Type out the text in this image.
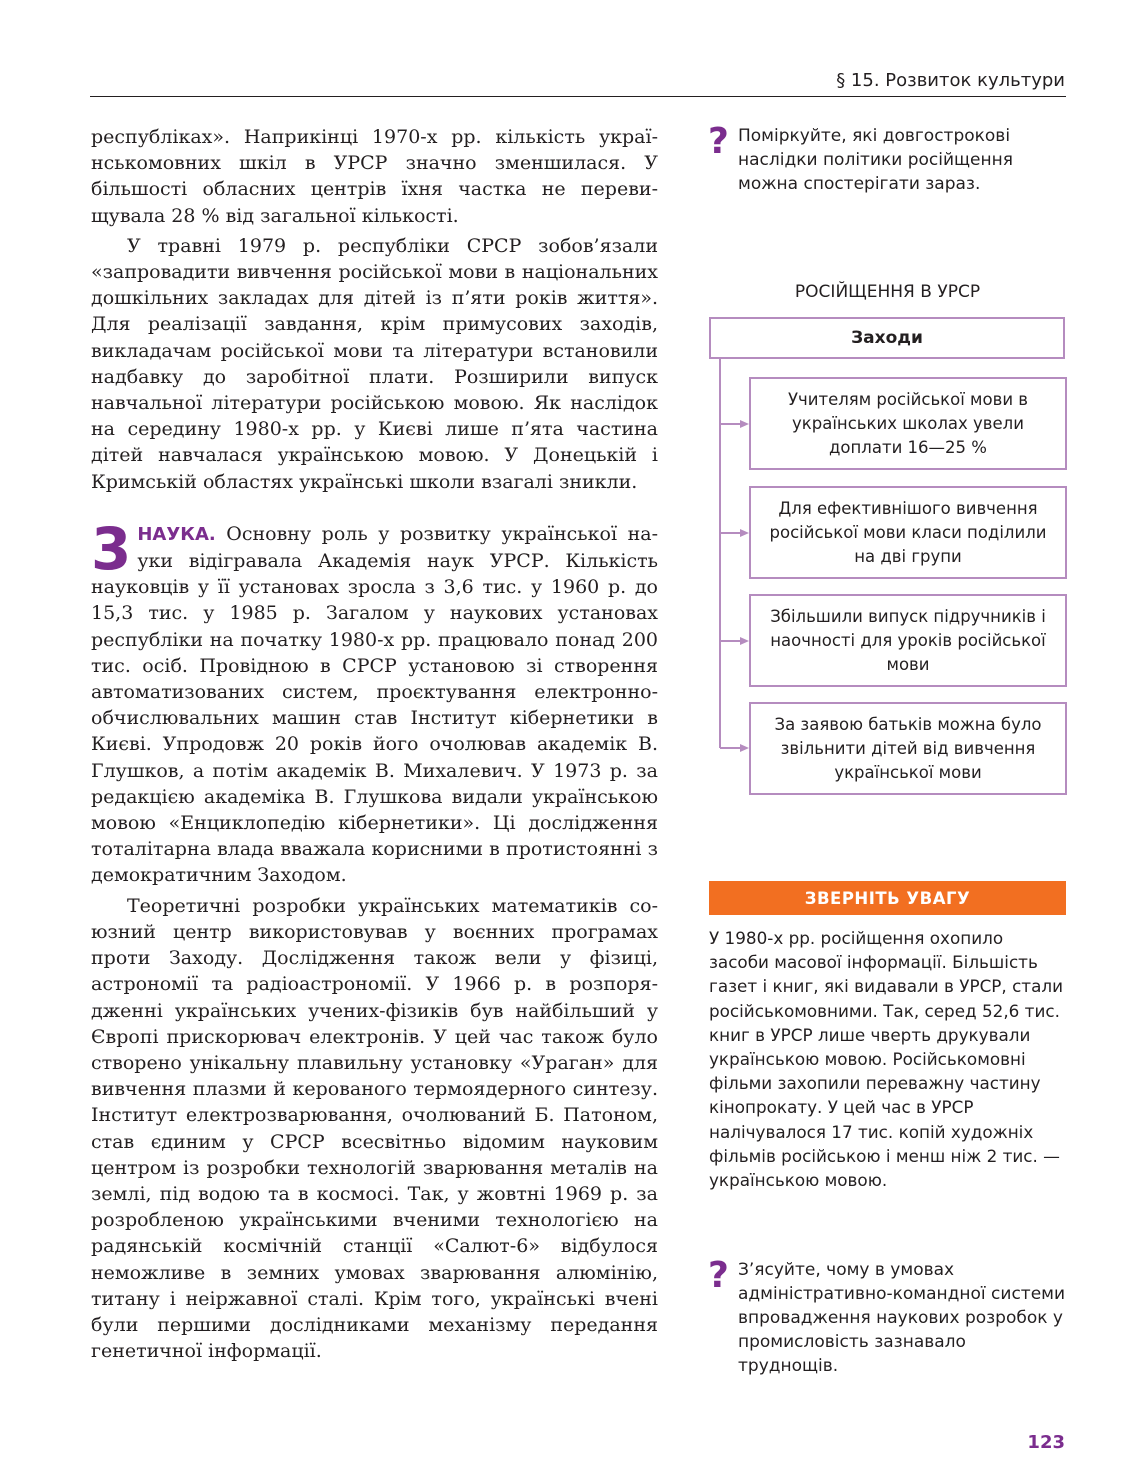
§ 15. Розвиток культури

республіках». Наприкінці 1970-х рр. кількість українськомовних шкіл в УРСР значно зменшилася. У більшості обласних центрів їхня частка не перевищувала 28 % від загальної кількості.

У травні 1979 р. республіки СРСР зобов’язали «запровадити вивчення російської мови в національних дошкільних закладах для дітей із п’яти років життя». Для реалізації завдання, крім примусових заходів, викладачам російської мови та літератури встановили надбавку до заробітної плати. Розширили випуск навчальної літератури російською мовою. Як наслідок на середину 1980-х рр. у Києві лише п’ята частина дітей навчалася українською мовою. У Донецькій і Кримській областях українські школи взагалі зникли.

3 НАУКА. Основну роль у розвитку української науки відігравала Академія наук УРСР. Кількість науковців у її установах зросла з 3,6 тис. у 1960 р. до 15,3 тис. у 1985 р. Загалом у наукових установах республіки на початку 1980-х рр. працювало понад 200 тис. осіб. Провідною в СРСР установою зі створення автоматизованих систем, проєктування електронно-обчислювальних машин став Інститут кібернетики в Києві. Упродовж 20 років його очолював академік В. Глушков, а потім академік В. Михалевич. У 1973 р. за редакцією академіка В. Глушкова видали українською мовою «Енциклопедію кібернетики». Ці дослідження тоталітарна влада вважала корисними в протистоянні з демократичним Заходом.

Теоретичні розробки українських математиків союзний центр використовував у воєнних програмах проти Заходу. Дослідження також вели у фізиці, астрономії та радіоастрономії. У 1966 р. в розпорядженні українських учених-фізиків був найбільший у Європі прискорювач електронів. У цей час також було створено унікальну плавильну установку «Ураган» для вивчення плазми й керованого термоядерного синтезу. Інститут електрозварювання, очолюваний Б. Патоном, став єдиним у СРСР всесвітньо відомим науковим центром із розробки технологій зварювання металів на землі, під водою та в космосі. Так, у жовтні 1969 р. за розробленою українськими вченими технологією на радянській космічній станції «Салют-6» відбулося неможливе в земних умовах зварювання алюмінію, титану і неіржавної сталі. Крім того, українські вчені були першими дослідниками механізму передання генетичної інформації.

? Поміркуйте, які довгострокові наслідки політики російщення можна спостерігати зараз.
РОСІЙЩЕННЯ В УРСР
Заходи
Учителям російської мови в українських школах увели доплати 16—25 %
Для ефективнішого вивчення російської мови класи поділили на дві групи
Збільшили випуск підручників і наочності для уроків російської мови
За заявою батьків можна було звільнити дітей від вивчення української мови
ЗВЕРНІТЬ УВАГУ
У 1980-х рр. російщення охопило засоби масової інформації. Більшість газет і книг, які видавали в УРСР, стали російськомовними. Так, серед 52,6 тис. книг в УРСР лише чверть друкували українською мовою. Російськомовні фільми захопили переважну частину кінопрокату. У цей час в УРСР налічувалося 17 тис. копій художніх фільмів російською і менш ніж 2 тис. — українською мовою.
? З’ясуйте, чому в умовах адміністративно-командної системи впровадження наукових розробок у промисловість зазнавало труднощів.
123
